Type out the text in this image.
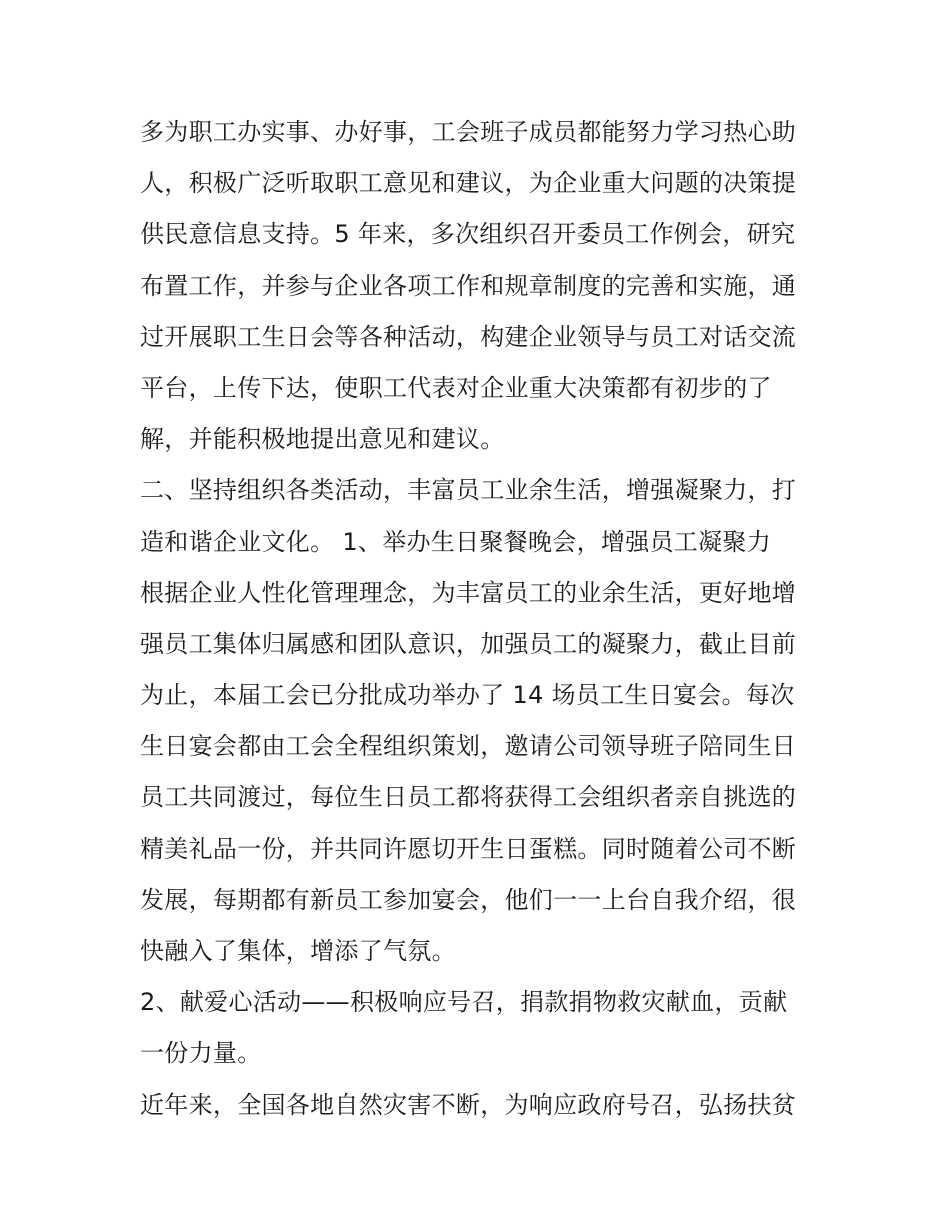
多为职工办实事、办好事，工会班子成员都能努力学习热心助
人，积极广泛听取职工意见和建议，为企业重大问题的决策提
供民意信息支持。5 年来，多次组织召开委员工作例会，研究
布置工作，并参与企业各项工作和规章制度的完善和实施，通
过开展职工生日会等各种活动，构建企业领导与员工对话交流
平台，上传下达，使职工代表对企业重大决策都有初步的了
解，并能积极地提出意见和建议。
二、坚持组织各类活动，丰富员工业余生活，增强凝聚力，打
造和谐企业文化。 1、举办生日聚餐晚会，增强员工凝聚力
根据企业人性化管理理念，为丰富员工的业余生活，更好地增
强员工集体归属感和团队意识，加强员工的凝聚力，截止目前
为止，本届工会已分批成功举办了 14 场员工生日宴会。每次
生日宴会都由工会全程组织策划，邀请公司领导班子陪同生日
员工共同渡过，每位生日员工都将获得工会组织者亲自挑选的
精美礼品一份，并共同许愿切开生日蛋糕。同时随着公司不断
发展，每期都有新员工参加宴会，他们一一上台自我介绍，很
快融入了集体，增添了气氛。
2、献爱心活动——积极响应号召，捐款捐物救灾献血，贡献
一份力量。
近年来，全国各地自然灾害不断，为响应政府号召，弘扬扶贫
